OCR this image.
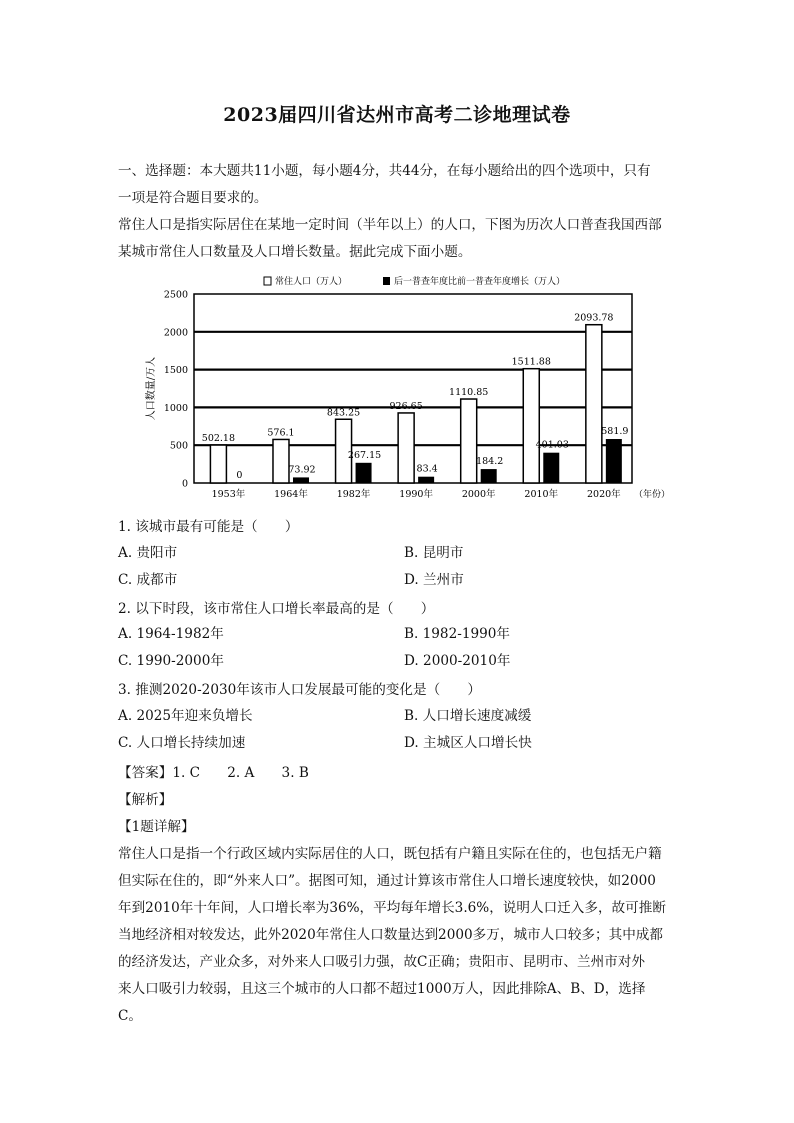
2023届四川省达州市高考二诊地理试卷

一、选择题：本大题共11小题，每小题4分，共44分，在每小题给出的四个选项中，只有

一项是符合题目要求的。

常住人口是指实际居住在某地一定时间（半年以上）的人口，下图为历次人口普查我国西部

某城市常住人口数量及人口增长数量。据此完成下面小题。

常住人口（万人）	后一普查年度比前一普查年度增长（万人）
人口数量/万人
（年份）
0
500
1000
1500
2000
2500
502.18
0
1953年
576.1
73.92
1964年
843.25
267.15
1982年
926.65
83.4
1990年
1110.85
184.2
2000年
1511.88
401.03
2010年
2093.78
581.9
2020年

1. 该城市最有可能是（　　）

A. 贵阳市	B. 昆明市
C. 成都市	D. 兰州市

2. 以下时段，该市常住人口增长率最高的是（　　）

A. 1964-1982年	B. 1982-1990年
C. 1990-2000年	D. 2000-2010年

3. 推测2020-2030年该市人口发展最可能的变化是（　　）

A. 2025年迎来负增长	B. 人口增长速度减缓
C. 人口增长持续加速	D. 主城区人口增长快

【答案】1. C　　2. A　　3. B

【解析】

【1题详解】

常住人口是指一个行政区域内实际居住的人口，既包括有户籍且实际在住的，也包括无户籍

但实际在住的，即“外来人口”。据图可知，通过计算该市常住人口增长速度较快，如2000

年到2010年十年间，人口增长率为36%，平均每年增长3.6%，说明人口迁入多，故可推断

当地经济相对较发达，此外2020年常住人口数量达到2000多万，城市人口较多；其中成都

的经济发达，产业众多，对外来人口吸引力强，故C正确；贵阳市、昆明市、兰州市对外

来人口吸引力较弱，且这三个城市的人口都不超过1000万人，因此排除A、B、D，选择

C。
